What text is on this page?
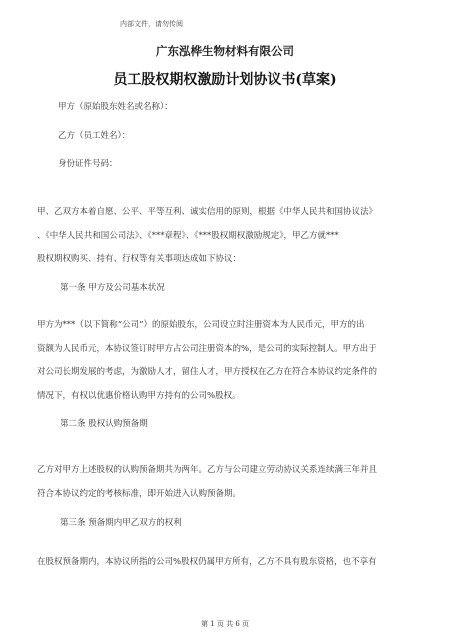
内部文件，请勿传阅
广东泓桦生物材料有限公司
员工股权期权激励计划协议书(草案)
甲方（原始股东姓名或名称）：
乙方（员工姓名）：
身份证件号码：
甲、乙双方本着自愿、公平、平等互利、诚实信用的原则，根据《中华人民共和国协议法》
、《中华人民共和国公司法》、《***章程》、《***股权期权激励规定》，甲乙方就***
股权期权购买、持有、行权等有关事项达成如下协议：
第一条 甲方及公司基本状况
甲方为***（以下简称“公司”）的原始股东，公司设立时注册资本为人民币元，甲方的出
资额为人民币元，本协议签订时甲方占公司注册资本的%，是公司的实际控制人。甲方出于
对公司长期发展的考虑，为激励人才，留住人才，甲方授权在乙方在符合本协议约定条件的
情况下，有权以优惠价格认购甲方持有的公司%股权。
第二条 股权认购预备期
乙方对甲方上述股权的认购预备期共为两年。乙方与公司建立劳动协议关系连续满三年并且
符合本协议约定的考核标准，即开始进入认购预备期。
第三条 预备期内甲乙双方的权利
在股权预备期内，本协议所指的公司%股权仍属甲方所有，乙方不具有股东资格，也不享有
第 1 页 共 6 页
